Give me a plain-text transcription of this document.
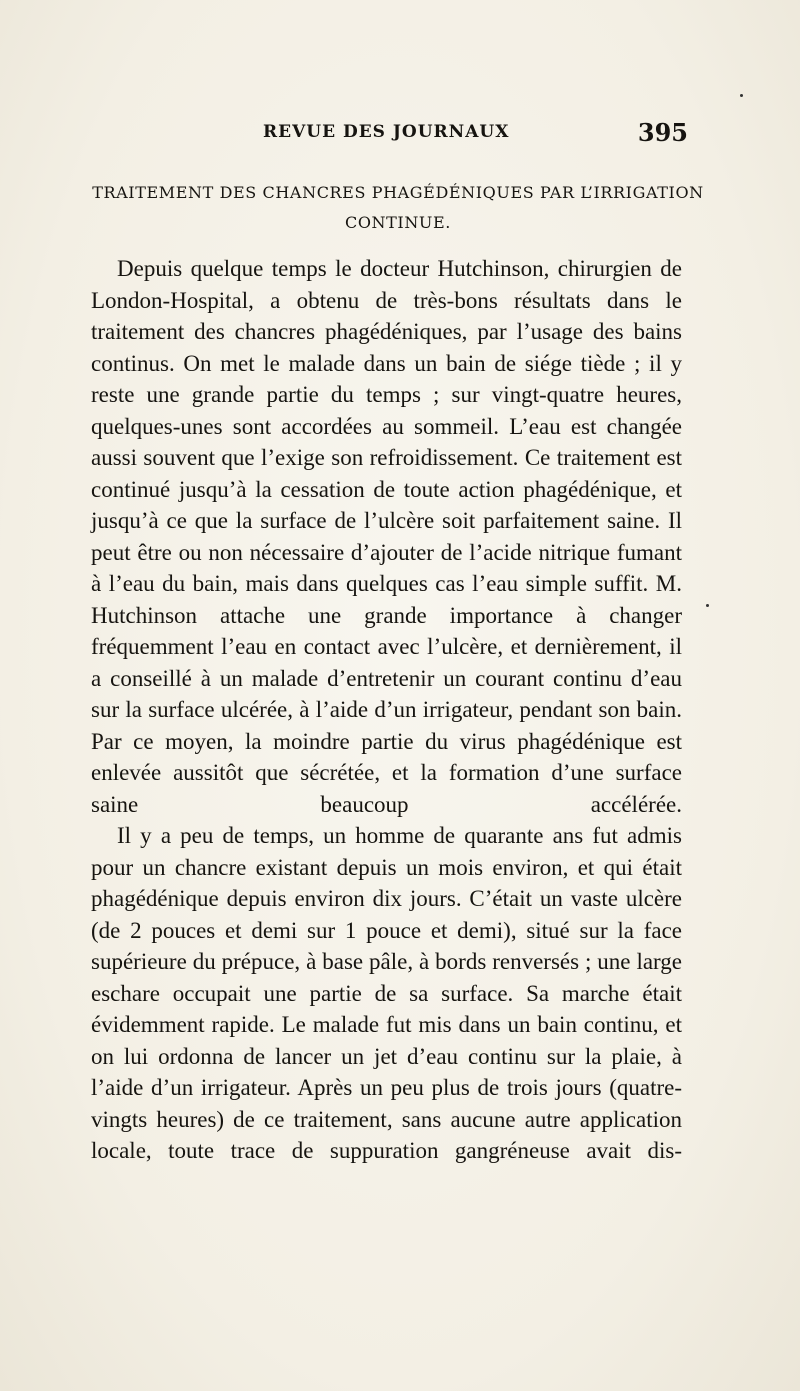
REVUE DES JOURNAUX	395
TRAITEMENT DES CHANCRES PHAGÉDÉNIQUES PAR L’IRRIGATION CONTINUE.

Depuis quelque temps le docteur Hutchinson, chirurgien de London-Hospital, a obtenu de très-bons résultats dans le traitement des chancres phagédéniques, par l’usage des bains continus. On met le malade dans un bain de siége tiède ; il y reste une grande partie du temps ; sur vingt-quatre heures, quelques-unes sont accordées au sommeil. L’eau est changée aussi souvent que l’exige son refroidissement. Ce traitement est continué jusqu’à la cessation de toute action phagédénique, et jusqu’à ce que la surface de l’ulcère soit parfaitement saine. Il peut être ou non nécessaire d’ajouter de l’acide nitrique fumant à l’eau du bain, mais dans quelques cas l’eau simple suffit. M. Hutchinson attache une grande importance à changer fréquemment l’eau en contact avec l’ulcère, et dernièrement, il a conseillé à un malade d’entretenir un courant continu d’eau sur la surface ulcérée, à l’aide d’un irrigateur, pendant son bain. Par ce moyen, la moindre partie du virus phagédénique est enlevée aussitôt que sécrétée, et la formation d’une surface saine beaucoup accélérée.

Il y a peu de temps, un homme de quarante ans fut admis pour un chancre existant depuis un mois environ, et qui était phagédénique depuis environ dix jours. C’était un vaste ulcère (de 2 pouces et demi sur 1 pouce et demi), situé sur la face supérieure du prépuce, à base pâle, à bords renversés ; une large eschare occupait une partie de sa surface. Sa marche était évidemment rapide. Le malade fut mis dans un bain continu, et on lui ordonna de lancer un jet d’eau continu sur la plaie, à l’aide d’un irrigateur. Après un peu plus de trois jours (quatre-vingts heures) de ce traitement, sans aucune autre application locale, toute trace de suppuration gangréneuse avait dis-
